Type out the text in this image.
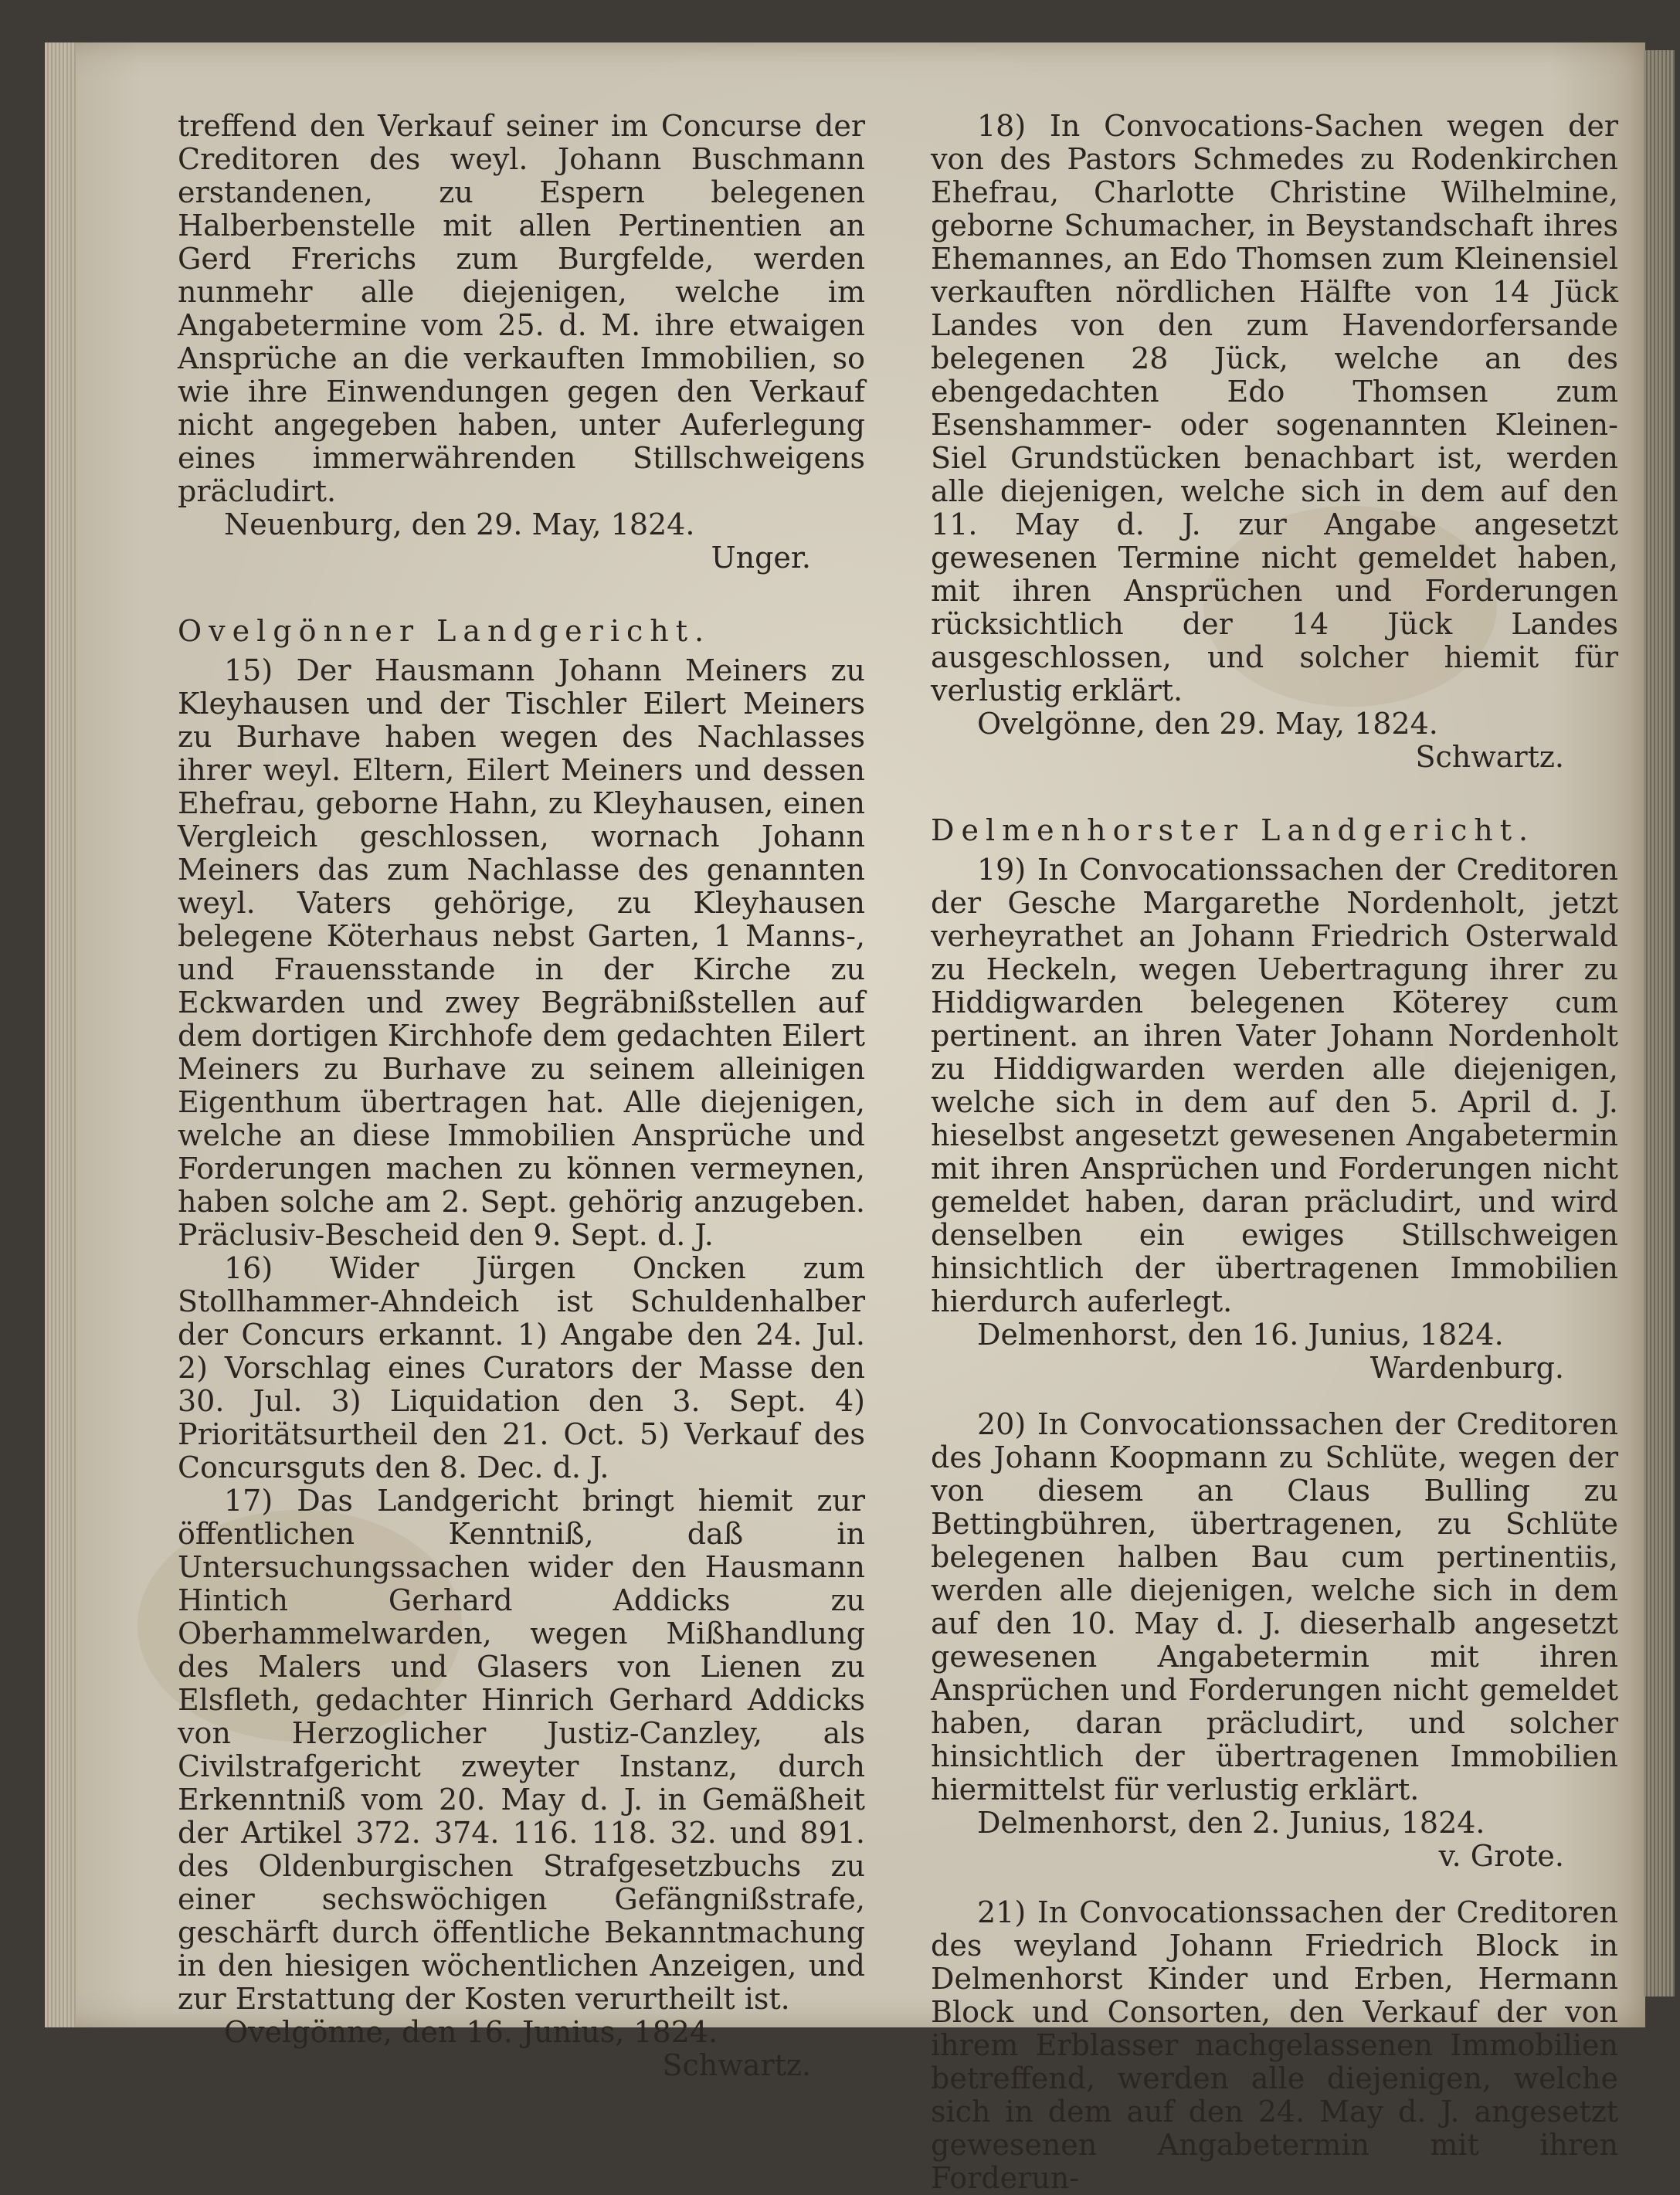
treffend den Verkauf seiner im Concurse der Creditoren des weyl. Johann Buschmann erstandenen, zu Espern belegenen Halberbenstelle mit allen Pertinentien an Gerd Frerichs zum Burgfelde, werden nunmehr alle diejenigen, welche im Angabetermine vom 25. d. M. ihre etwaigen Ansprüche an die verkauften Immobilien, so wie ihre Einwendungen gegen den Verkauf nicht angegeben haben, unter Auferlegung eines immerwährenden Stillschweigens präcludirt.

Neuenburg, den 29. May, 1824.

Unger.

Ovelgönner Landgericht.

15) Der Hausmann Johann Meiners zu Kleyhausen und der Tischler Eilert Meiners zu Burhave haben wegen des Nachlasses ihrer weyl. Eltern, Eilert Meiners und dessen Ehefrau, geborne Hahn, zu Kleyhausen, einen Vergleich geschlossen, wornach Johann Meiners das zum Nachlasse des genannten weyl. Vaters gehörige, zu Kleyhausen belegene Köterhaus nebst Garten, 1 Manns-, und Frauensstande in der Kirche zu Eckwarden und zwey Begräbnißstellen auf dem dortigen Kirchhofe dem gedachten Eilert Meiners zu Burhave zu seinem alleinigen Eigenthum übertragen hat. Alle diejenigen, welche an diese Immobilien Ansprüche und Forderungen machen zu können vermeynen, haben solche am 2. Sept. gehörig anzugeben. Präclusiv-Bescheid den 9. Sept. d. J.

16) Wider Jürgen Oncken zum Stollhammer-Ahndeich ist Schuldenhalber der Concurs erkannt. 1) Angabe den 24. Jul. 2) Vorschlag eines Curators der Masse den 30. Jul. 3) Liquidation den 3. Sept. 4) Prioritätsurtheil den 21. Oct. 5) Verkauf des Concursguts den 8. Dec. d. J.

17) Das Landgericht bringt hiemit zur öffentlichen Kenntniß, daß in Untersuchungssachen wider den Hausmann Hintich Gerhard Addicks zu Oberhammelwarden, wegen Mißhandlung des Malers und Glasers von Lienen zu Elsfleth, gedachter Hinrich Gerhard Addicks von Herzoglicher Justiz-Canzley, als Civilstrafgericht zweyter Instanz, durch Erkenntniß vom 20. May d. J. in Gemäßheit der Artikel 372. 374. 116. 118. 32. und 891. des Oldenburgischen Strafgesetzbuchs zu einer sechswöchigen Gefängnißstrafe, geschärft durch öffentliche Bekanntmachung in den hiesigen wöchentlichen Anzeigen, und zur Erstattung der Kosten verurtheilt ist.

Ovelgönne, den 16. Junius, 1824.

Schwartz.

18) In Convocations-Sachen wegen der von des Pastors Schmedes zu Rodenkirchen Ehefrau, Charlotte Christine Wilhelmine, geborne Schumacher, in Beystandschaft ihres Ehemannes, an Edo Thomsen zum Kleinensiel verkauften nördlichen Hälfte von 14 Jück Landes von den zum Havendorfersande belegenen 28 Jück, welche an des ebengedachten Edo Thomsen zum Esenshammer- oder sogenannten Kleinen-Siel Grundstücken benachbart ist, werden alle diejenigen, welche sich in dem auf den 11. May d. J. zur Angabe angesetzt gewesenen Termine nicht gemeldet haben, mit ihren Ansprüchen und Forderungen rücksichtlich der 14 Jück Landes ausgeschlossen, und solcher hiemit für verlustig erklärt.

Ovelgönne, den 29. May, 1824.

Schwartz.

Delmenhorster Landgericht.

19) In Convocationssachen der Creditoren der Gesche Margarethe Nordenholt, jetzt verheyrathet an Johann Friedrich Osterwald zu Heckeln, wegen Uebertragung ihrer zu Hiddigwarden belegenen Köterey cum pertinent. an ihren Vater Johann Nordenholt zu Hiddigwarden werden alle diejenigen, welche sich in dem auf den 5. April d. J. hieselbst angesetzt gewesenen Angabetermin mit ihren Ansprüchen und Forderungen nicht gemeldet haben, daran präcludirt, und wird denselben ein ewiges Stillschweigen hinsichtlich der übertragenen Immobilien hierdurch auferlegt.

Delmenhorst, den 16. Junius, 1824.

Wardenburg.

20) In Convocationssachen der Creditoren des Johann Koopmann zu Schlüte, wegen der von diesem an Claus Bulling zu Bettingbühren, übertragenen, zu Schlüte belegenen halben Bau cum pertinentiis, werden alle diejenigen, welche sich in dem auf den 10. May d. J. dieserhalb angesetzt gewesenen Angabetermin mit ihren Ansprüchen und Forderungen nicht gemeldet haben, daran präcludirt, und solcher hinsichtlich der übertragenen Immobilien hiermittelst für verlustig erklärt.

Delmenhorst, den 2. Junius, 1824.

v. Grote.

21) In Convocationssachen der Creditoren des weyland Johann Friedrich Block in Delmenhorst Kinder und Erben, Hermann Block und Consorten, den Verkauf der von ihrem Erblasser nachgelassenen Immobilien betreffend, werden alle diejenigen, welche sich in dem auf den 24. May d. J. angesetzt gewesenen Angabetermin mit ihren Forderun-
